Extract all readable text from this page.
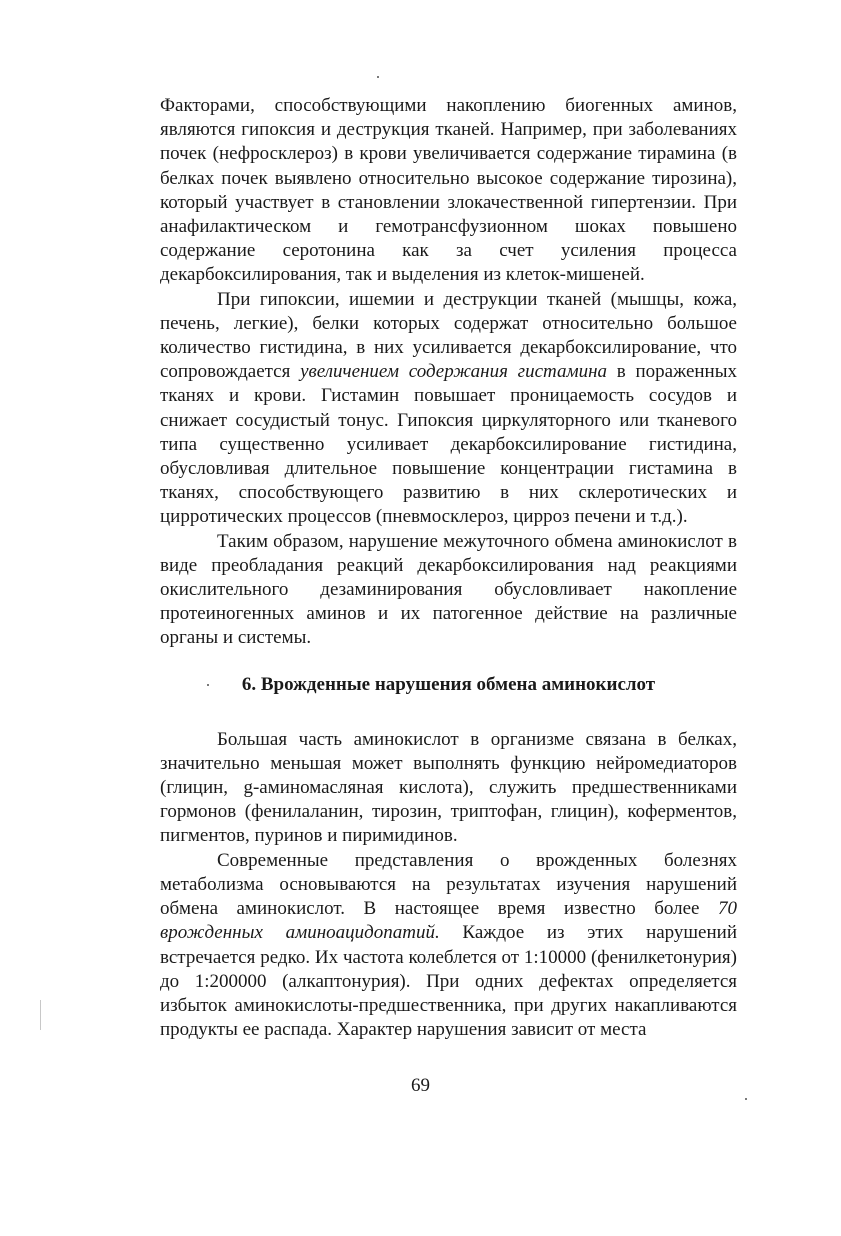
Факторами, способствующими накоплению биогенных аминов, являются гипоксия и деструкция тканей. Например, при заболеваниях почек (нефросклероз) в крови увеличивается содержание тирамина (в белках почек выявлено относительно высокое содержание тирозина), который участвует в становлении злокачественной гипертензии. При анафилактическом и гемотрансфузионном шоках повышено содержание серотонина как за счет усиления процесса декарбоксилирования, так и выделения из клеток-мишеней.

При гипоксии, ишемии и деструкции тканей (мышцы, кожа, печень, легкие), белки которых содержат относительно большое количество гистидина, в них усиливается декарбоксилирование, что сопровождается увеличением содержания гистамина в пораженных тканях и крови. Гистамин повышает проницаемость сосудов и снижает сосудистый тонус. Гипоксия циркуляторного или тканевого типа существенно усиливает декарбоксилирование гистидина, обусловливая длительное повышение концентрации гистамина в тканях, способствующего развитию в них склеротических и цирротических процессов (пневмосклероз, цирроз печени и т.д.).

Таким образом, нарушение межуточного обмена аминокислот в виде преобладания реакций декарбоксилирования над реакциями окислительного дезаминирования обусловливает накопление протеиногенных аминов и их патогенное действие на различные органы и системы.

6. Врожденные нарушения обмена аминокислот

Большая часть аминокислот в организме связана в белках, значительно меньшая может выполнять функцию нейромедиаторов (глицин, g-аминомасляная кислота), служить предшественниками гормонов (фенилаланин, тирозин, триптофан, глицин), коферментов, пигментов, пуринов и пиримидинов.

Современные представления о врожденных болезнях метаболизма основываются на результатах изучения нарушений обмена аминокислот. В настоящее время известно более 70 врожденных аминоацидопатий. Каждое из этих нарушений встречается редко. Их частота колеблется от 1:10000 (фенилкетонурия) до 1:200000 (алкаптонурия). При одних дефектах определяется избыток аминокислоты-предшественника, при других накапливаются продукты ее распада. Характер нарушения зависит от места

69
